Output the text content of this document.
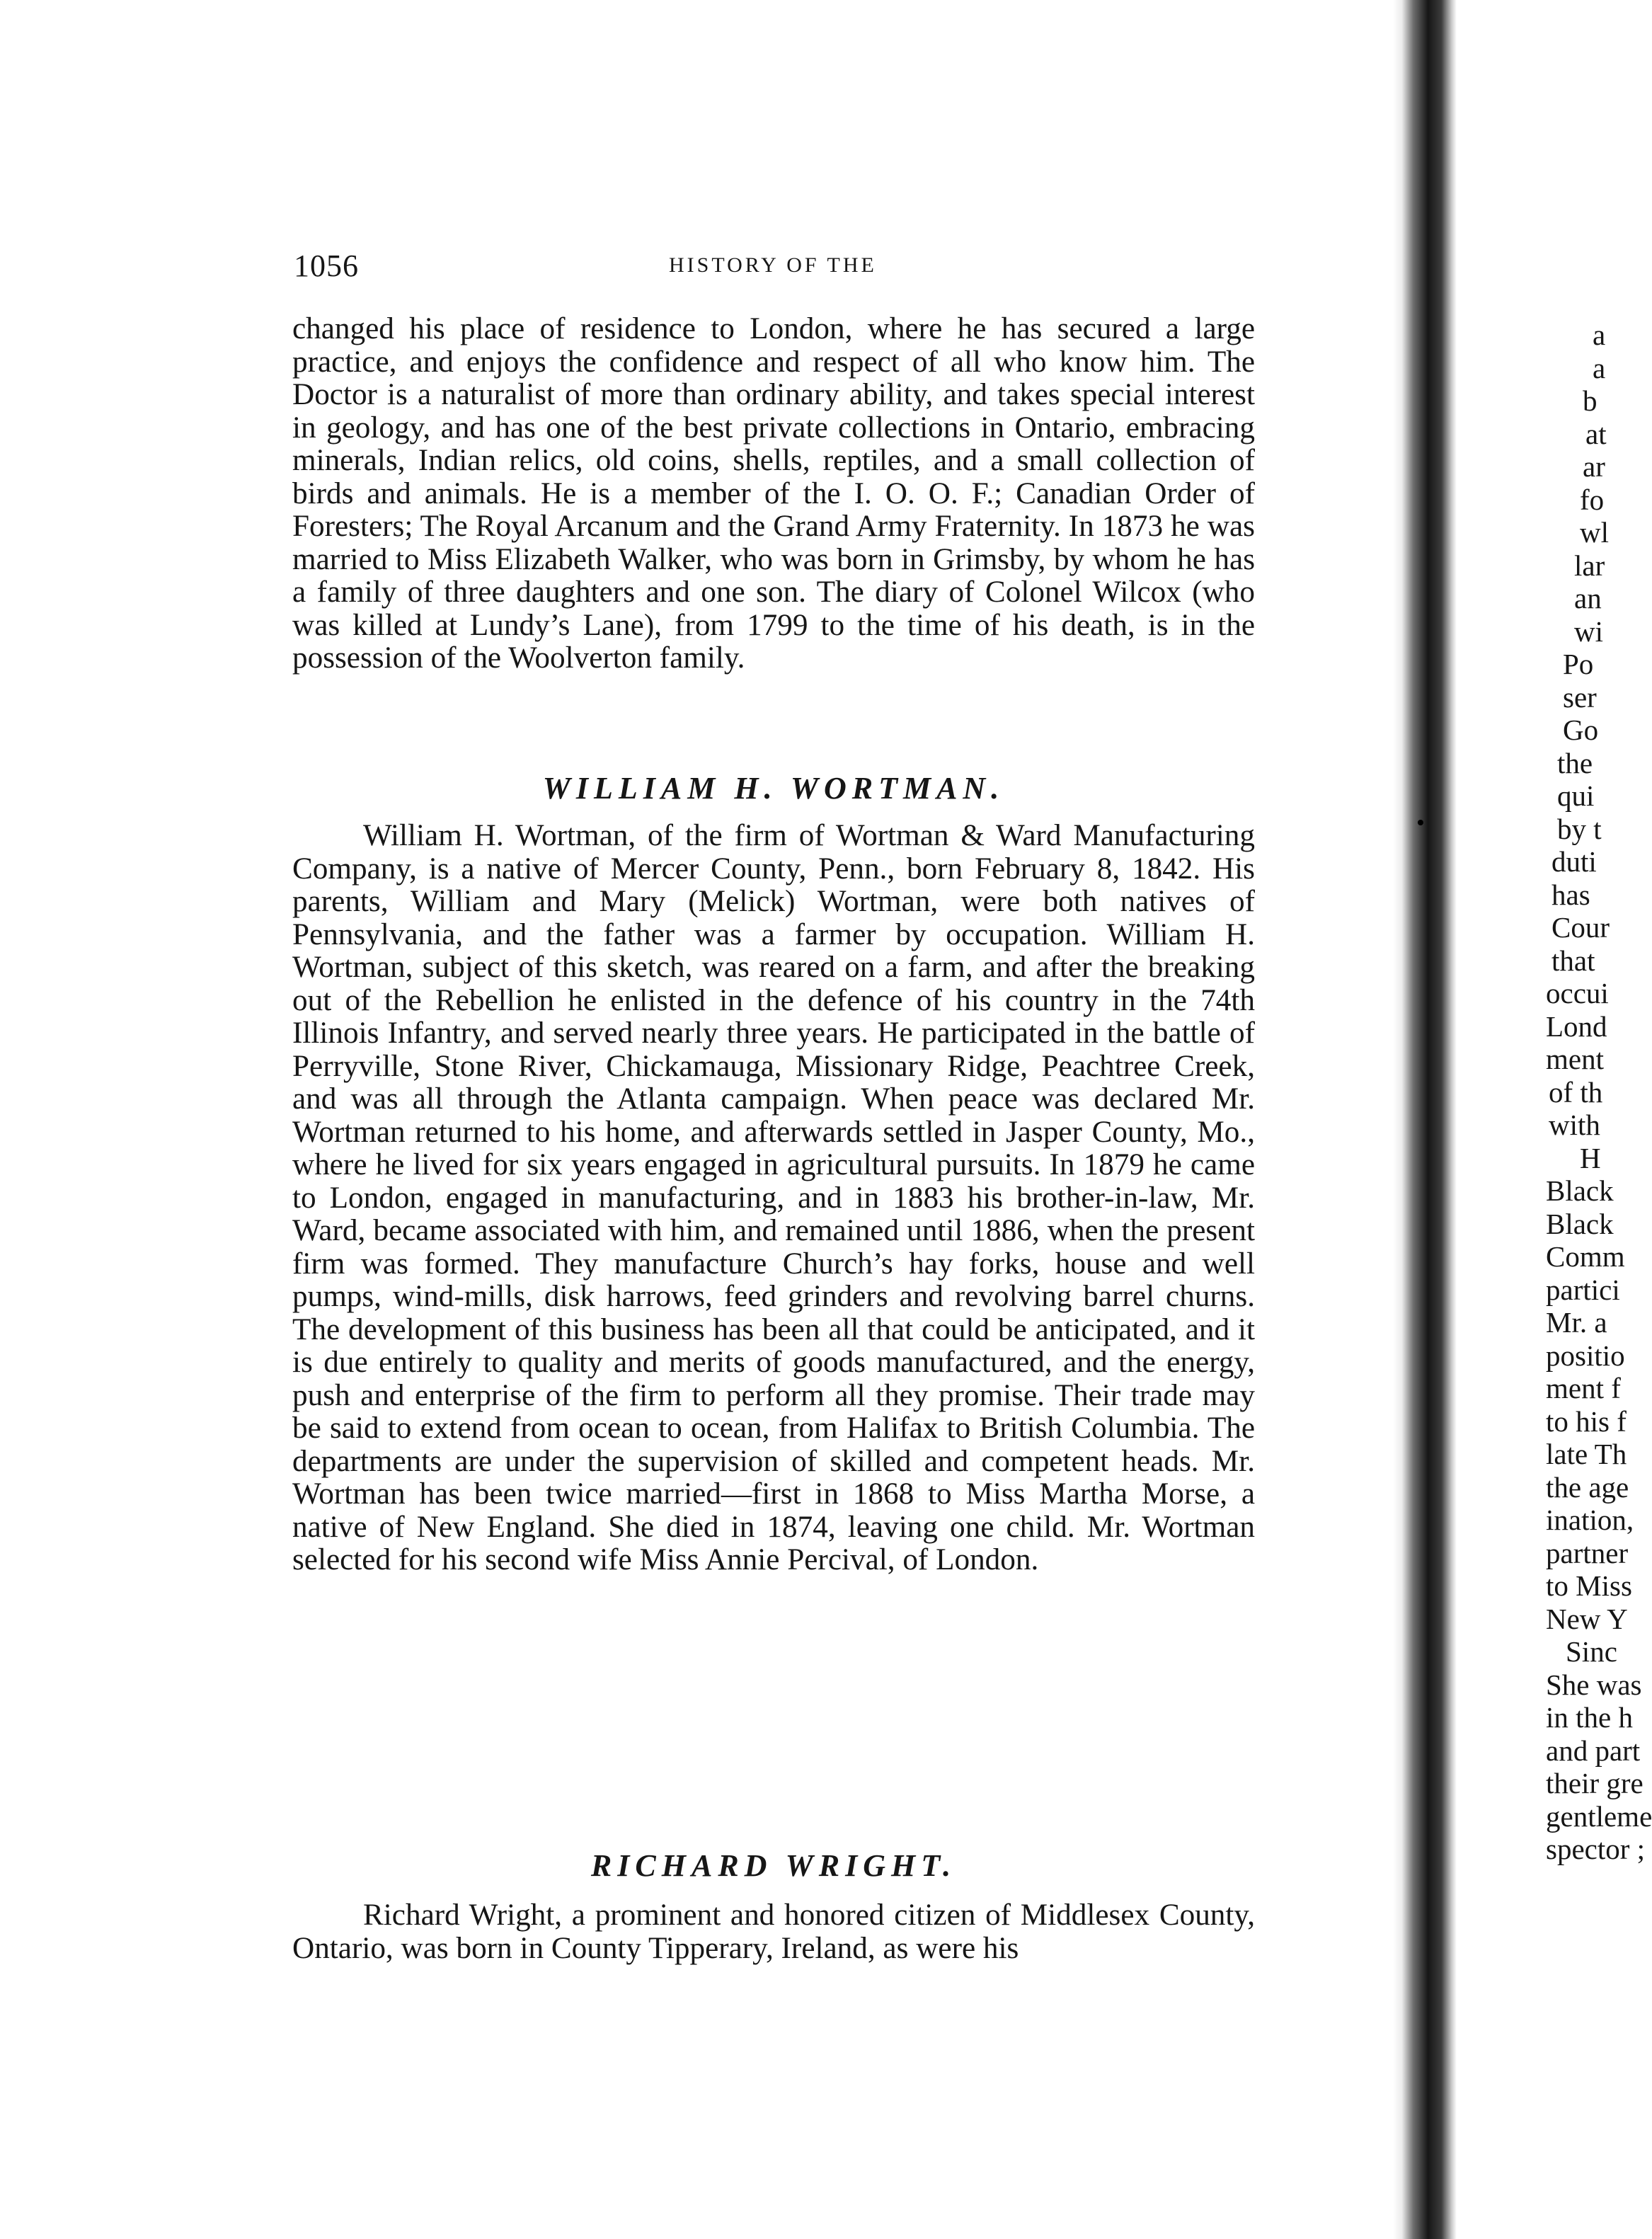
1056	HISTORY OF THE

changed his place of residence to London, where he has secured a large practice, and enjoys the confidence and respect of all who know him. The Doctor is a naturalist of more than ordinary ability, and takes special interest in geology, and has one of the best private collections in Ontario, embracing minerals, Indian relics, old coins, shells, reptiles, and a small collection of birds and animals. He is a member of the I. O. O. F.; Canadian Order of Foresters; The Royal Arcanum and the Grand Army Fraternity. In 1873 he was married to Miss Elizabeth Walker, who was born in Grimsby, by whom he has a family of three daughters and one son. The diary of Colonel Wilcox (who was killed at Lundy’s Lane), from 1799 to the time of his death, is in the possession of the Woolverton family.

WILLIAM H. WORTMAN.

William H. Wortman, of the firm of Wortman & Ward Manufacturing Company, is a native of Mercer County, Penn., born February 8, 1842. His parents, William and Mary (Melick) Wortman, were both natives of Pennsylvania, and the father was a farmer by occupation. William H. Wortman, subject of this sketch, was reared on a farm, and after the breaking out of the Rebellion he enlisted in the defence of his country in the 74th Illinois Infantry, and served nearly three years. He participated in the battle of Perryville, Stone River, Chickamauga, Missionary Ridge, Peachtree Creek, and was all through the Atlanta campaign. When peace was declared Mr. Wortman returned to his home, and afterwards settled in Jasper County, Mo., where he lived for six years engaged in agricultural pursuits. In 1879 he came to London, engaged in manufacturing, and in 1883 his brother-in-law, Mr. Ward, became associated with him, and remained until 1886, when the present firm was formed. They manufacture Church’s hay forks, house and well pumps, wind-mills, disk harrows, feed grinders and revolving barrel churns. The development of this business has been all that could be anticipated, and it is due entirely to quality and merits of goods manufactured, and the energy, push and enterprise of the firm to perform all they promise. Their trade may be said to extend from ocean to ocean, from Halifax to British Columbia. The departments are under the supervision of skilled and competent heads. Mr. Wortman has been twice married—first in 1868 to Miss Martha Morse, a native of New England. She died in 1874, leaving one child. Mr. Wortman selected for his second wife Miss Annie Percival, of London.

RICHARD WRIGHT.

Richard Wright, a prominent and honored citizen of Middlesex County, Ontario, was born in County Tipperary, Ireland, as were his

a
a
b
at
ar
fo
wl
lar
an
wi
Po
ser
Go
the
qui
by t
duti
has
Cour
that
occui
Lond
ment
of th
with
H
Black
Black
Comm
partici
Mr. a
positio
ment f
to his f
late Th
the age
ination,
partner
to Miss
New Y
Sinc
She was
in the h
and part
their gre
gentleme
spector ;
